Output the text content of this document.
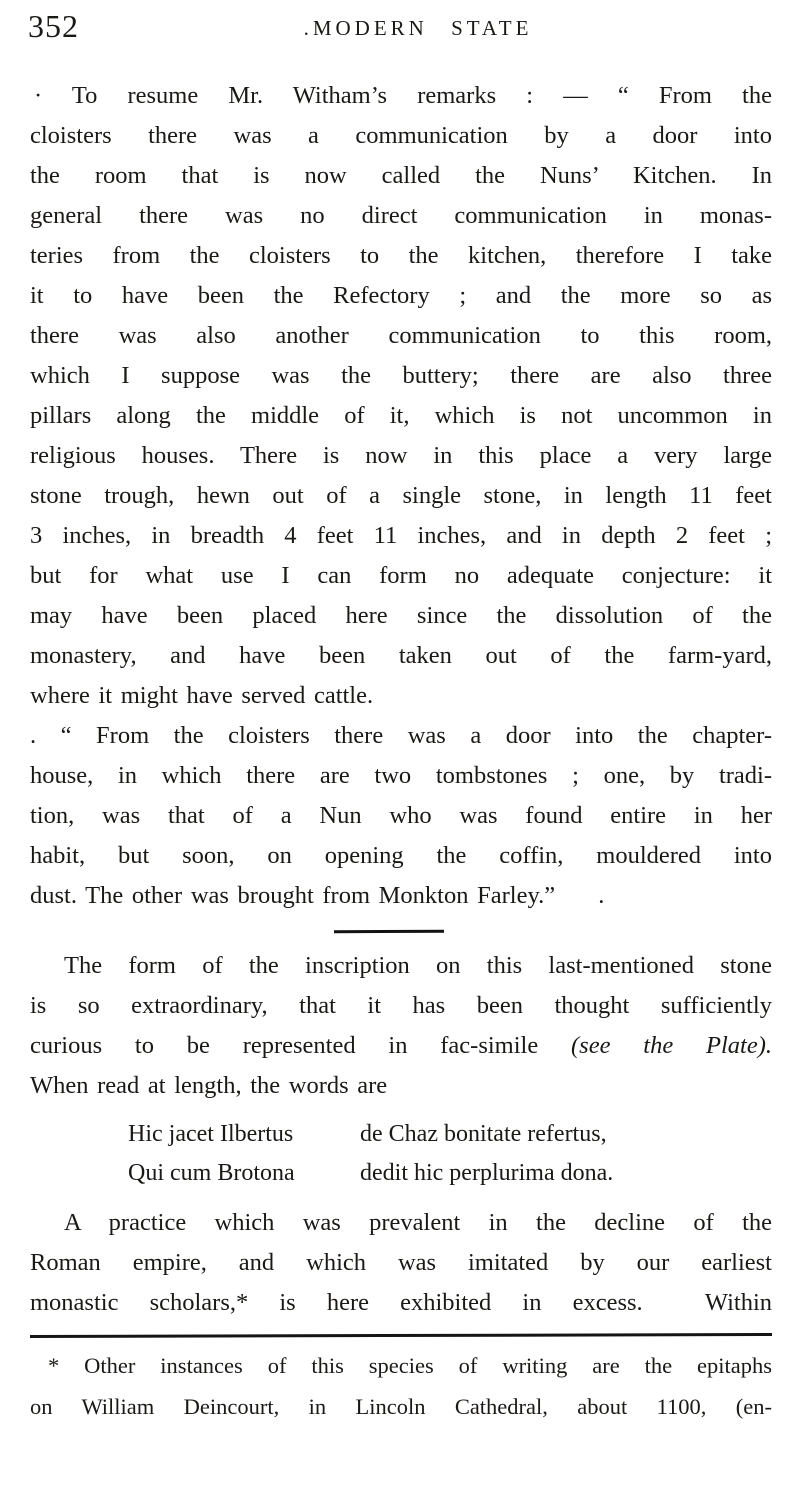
352	.MODERN STATE
· To resume Mr. Witham’s remarks : — “ From the
cloisters there was a communication by a door into
the room that is now called the Nuns’ Kitchen. In
general there was no direct communication in monas-
teries from the cloisters to the kitchen, therefore I take
it to have been the Refectory ; and the more so as
there was also another communication to this room,
which I suppose was the buttery; there are also three
pillars along the middle of it, which is not uncommon in
religious houses. There is now in this place a very large
stone trough, hewn out of a single stone, in length 11 feet
3 inches, in breadth 4 feet 11 inches, and in depth 2 feet ;
but for what use I can form no adequate conjecture: it
may have been placed here since the dissolution of the
monastery, and have been taken out of the farm-yard,
where it might have served cattle.
. “ From the cloisters there was a door into the chapter-
house, in which there are two tombstones ; one, by tradi-
tion, was that of a Nun who was found entire in her
habit, but soon, on opening the coffin, mouldered into
dust. The other was brought from Monkton Farley.”     .
The form of the inscription on this last-mentioned stone
is so extraordinary, that it has been thought sufficiently
curious to be represented in fac-simile (see the Plate).
When read at length, the words are
Hic jacet Ilbertus	de Chaz bonitate refertus,
Qui cum Brotona	dedit hic perplurima dona.
A practice which was prevalent in the decline of the
Roman empire, and which was imitated by our earliest
monastic scholars,* is here exhibited in excess.  Within
* Other instances of this species of writing are the epitaphs
on William Deincourt, in Lincoln Cathedral, about 1100, (en-
